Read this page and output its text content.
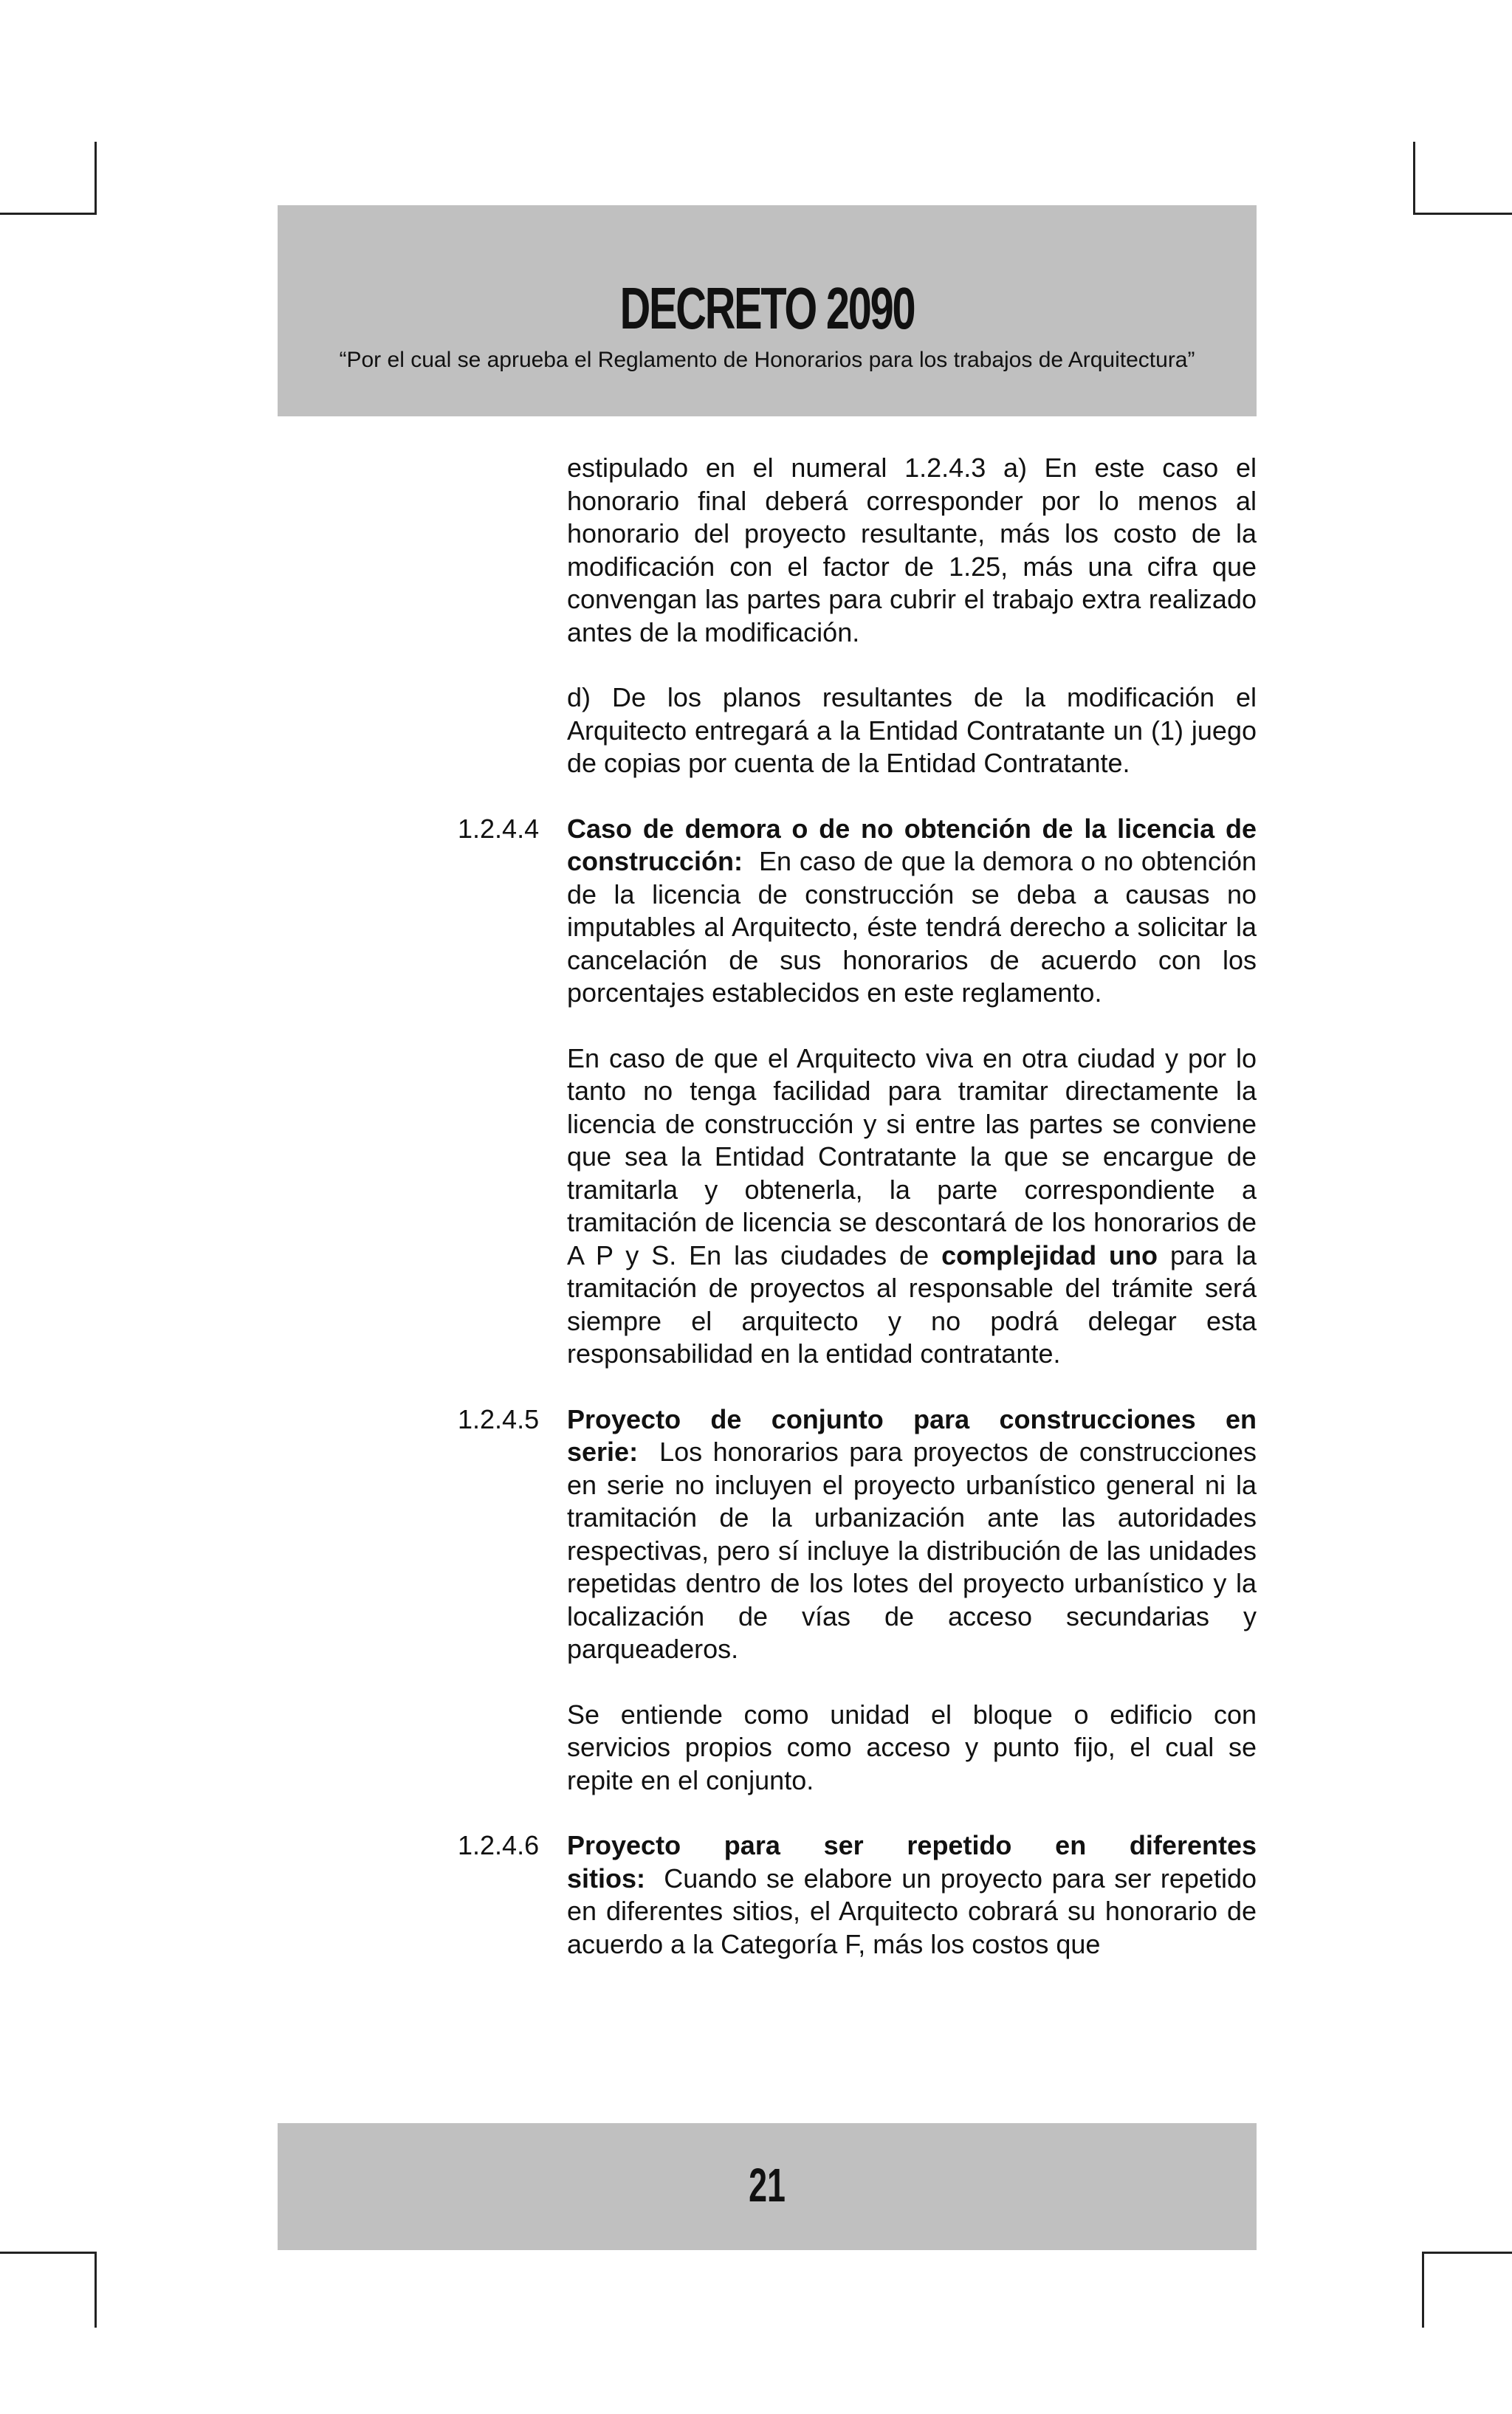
DECRETO 2090
“Por el cual se aprueba el Reglamento de Honorarios para los trabajos de Arquitectura”

estipulado en el numeral 1.2.4.3 a) En este caso el honorario final deberá corresponder por lo menos al honorario del proyecto resultante, más los costo de la modificación con el factor de 1.25, más una cifra que convengan las partes para cubrir el trabajo extra realizado antes de la modificación.

d) De los planos resultantes de la modificación el Arquitecto entregará a la Entidad Contratante un (1) juego de copias por cuenta de la Entidad Contratante.

1.2.4.4 Caso de demora o de no obtención de la licencia de construcción: En caso de que la demora o no obtención de la licencia de construcción se deba a causas no imputables al Arquitecto, éste tendrá derecho a solicitar la cancelación de sus honorarios de acuerdo con los porcentajes establecidos en este reglamento.

En caso de que el Arquitecto viva en otra ciudad y por lo tanto no tenga facilidad para tramitar directamente la licencia de construcción y si entre las partes se conviene que sea la Entidad Contratante la que se encargue de tramitarla y obtenerla, la parte correspondiente a tramitación de licencia se descontará de los honorarios de A P y S. En las ciudades de complejidad uno para la tramitación de proyectos al responsable del trámite será siempre el arquitecto y no podrá delegar esta responsabilidad en la entidad contratante.

1.2.4.5 Proyecto de conjunto para construcciones en serie: Los honorarios para proyectos de construcciones en serie no incluyen el proyecto urbanístico general ni la tramitación de la urbanización ante las autoridades respectivas, pero sí incluye la distribución de las unidades repetidas dentro de los lotes del proyecto urbanístico y la localización de vías de acceso secundarias y parqueaderos.

Se entiende como unidad el bloque o edificio con servicios propios como acceso y punto fijo, el cual se repite en el conjunto.

1.2.4.6 Proyecto para ser repetido en diferentes sitios: Cuando se elabore un proyecto para ser repetido en diferentes sitios, el Arquitecto cobrará su honorario de acuerdo a la Categoría F, más los costos que

21
